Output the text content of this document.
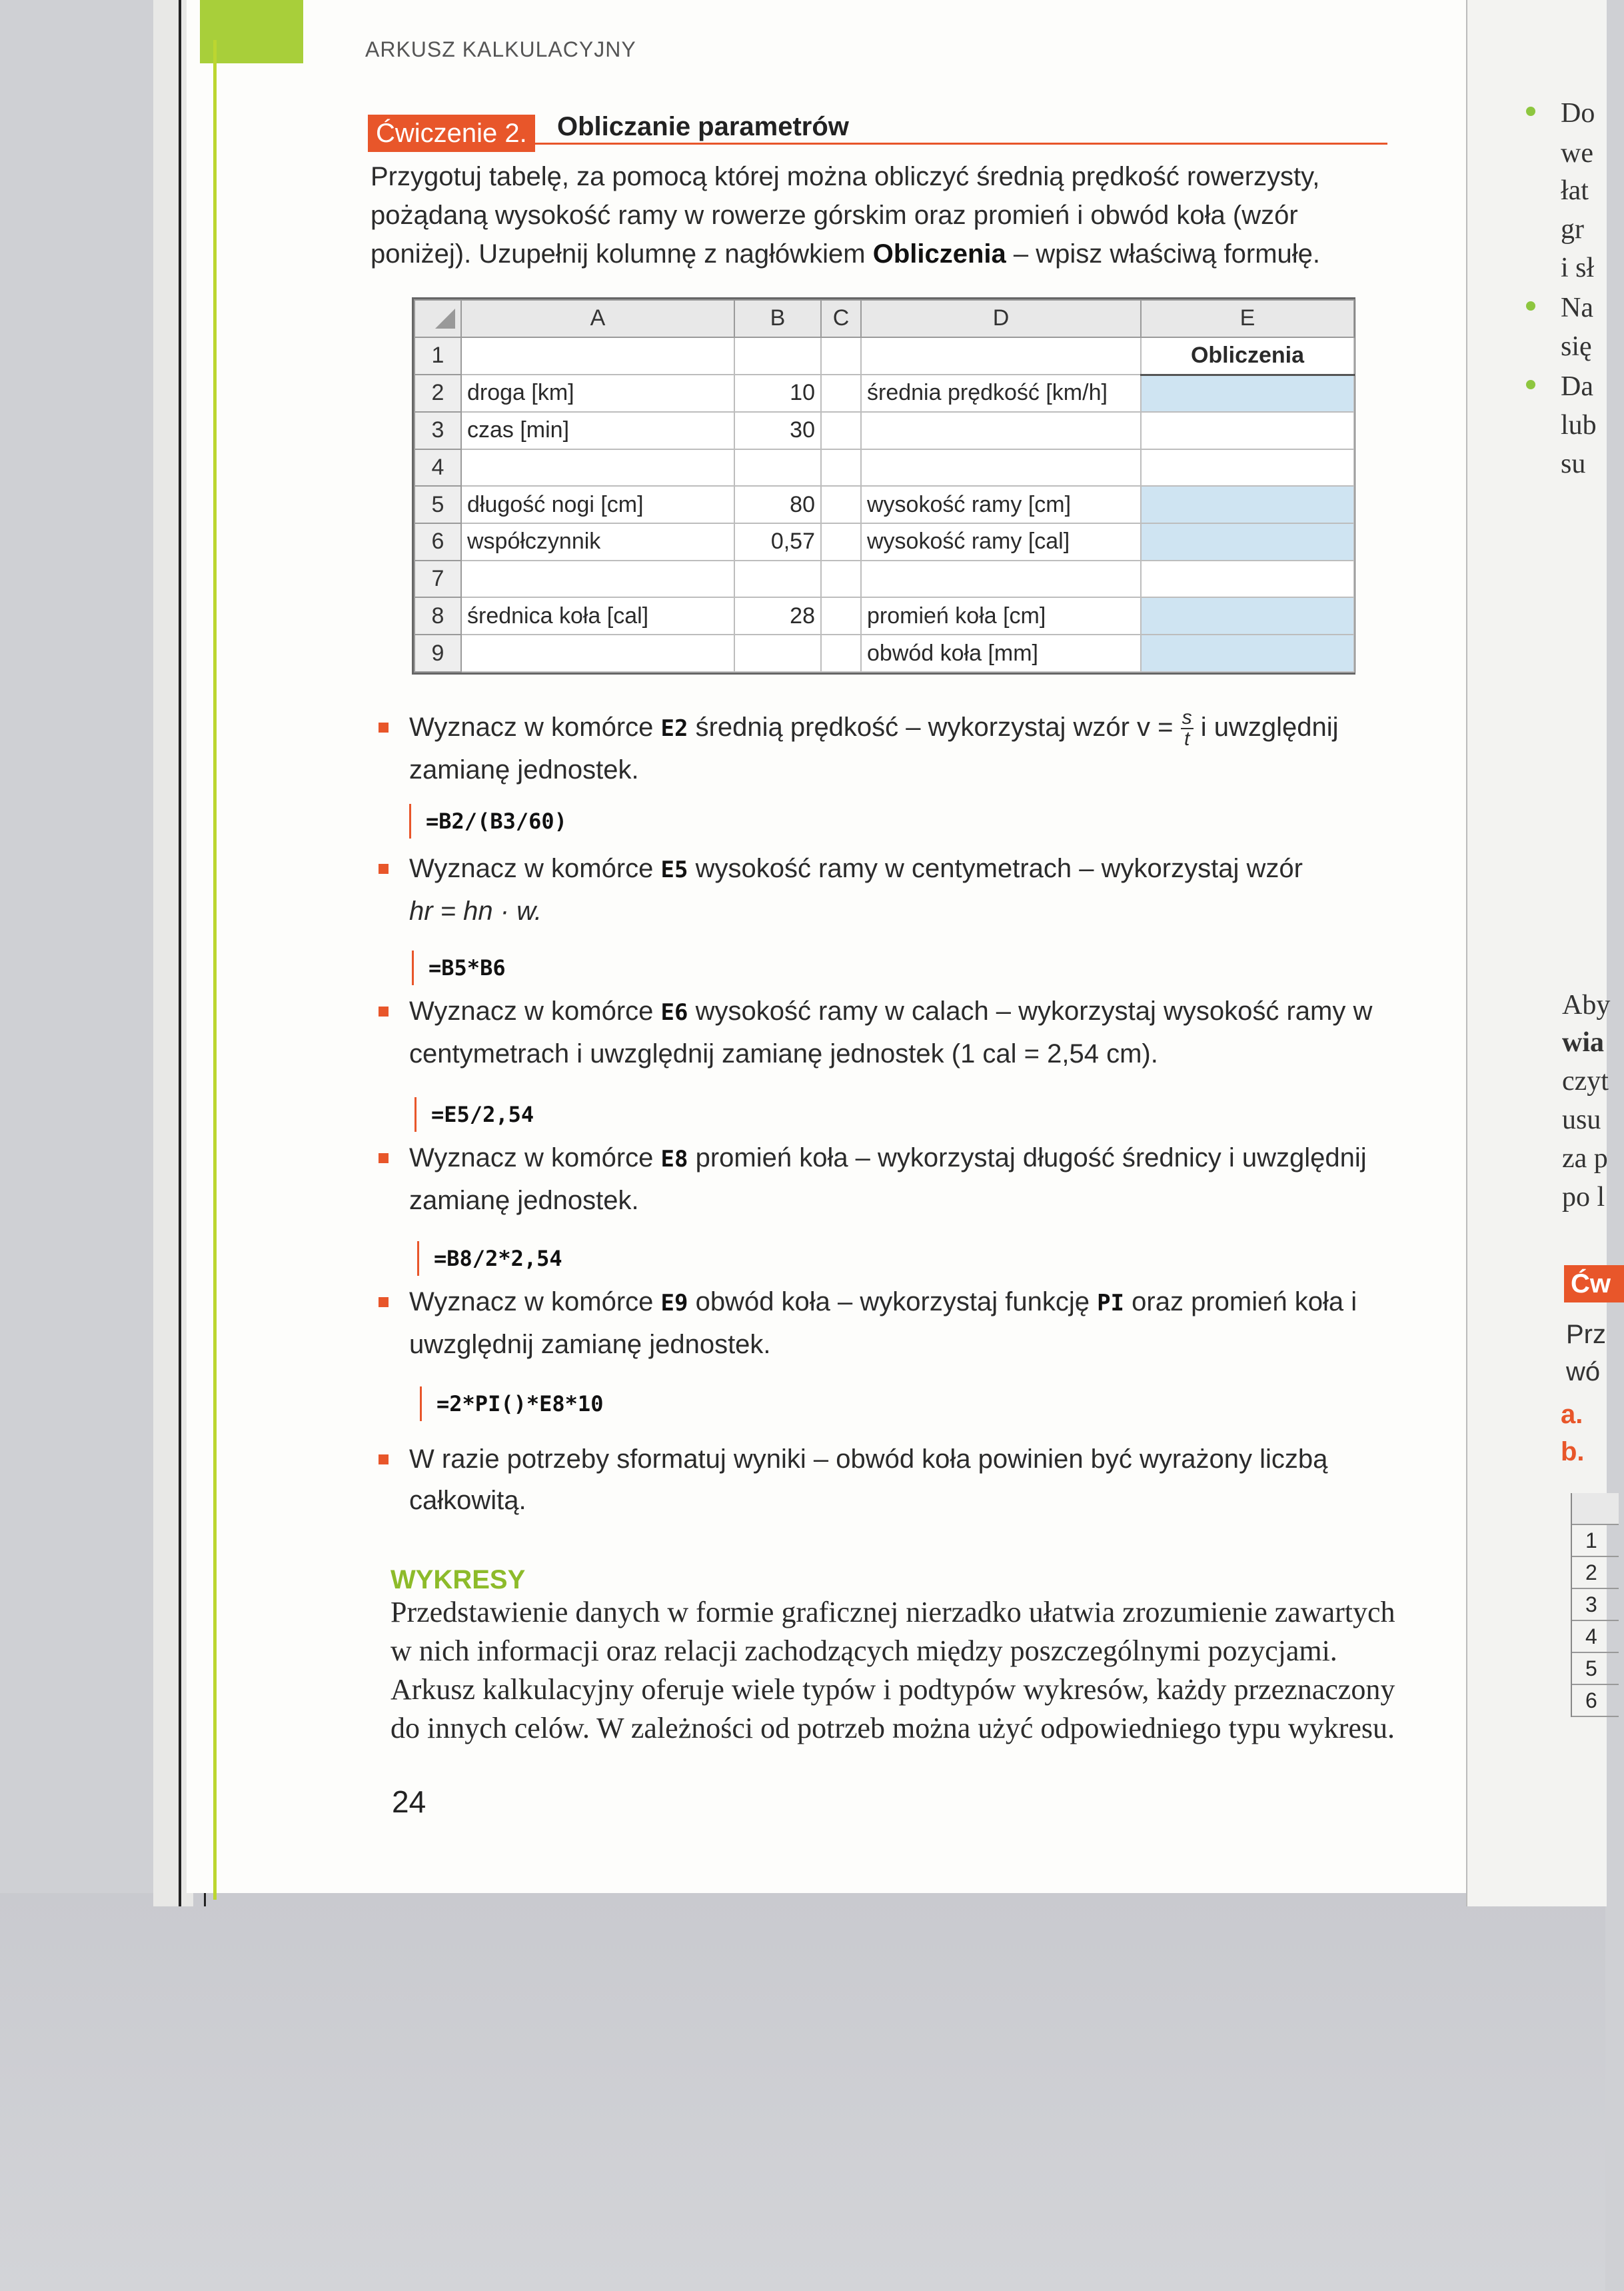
ARKUSZ KALKULACYJNY
Ćwiczenie 2.	Obliczanie parametrów
Przygotuj tabelę, za pomocą której można obliczyć średnią prędkość rowerzysty, pożądaną wysokość ramy w rowerze górskim oraz promień i obwód koła (wzór poniżej). Uzupełnij kolumnę z nagłówkiem Obliczenia – wpisz właściwą formułę.
	A	B	C	D	E
1					Obliczenia
2	droga [km]	10		średnia prędkość [km/h]	
3	czas [min]	30			
4					
5	długość nogi [cm]	80		wysokość ramy [cm]	
6	współczynnik	0,57		wysokość ramy [cal]	
7					
8	średnica koła [cal]	28		promień koła [cm]	
9				obwód koła [mm]	
Wyznacz w komórce E2 średnią prędkość – wykorzystaj wzór $v = \frac{s}{t}$ i uwzględnij zamianę jednostek.
=B2/(B3/60)
Wyznacz w komórce E5 wysokość ramy w centymetrach – wykorzystaj wzór
hr = hn · w.
=B5*B6
Wyznacz w komórce E6 wysokość ramy w calach – wykorzystaj wysokość ramy w centymetrach i uwzględnij zamianę jednostek (1 cal = 2,54 cm).
=E5/2,54
Wyznacz w komórce E8 promień koła – wykorzystaj długość średnicy i uwzględnij zamianę jednostek.
=B8/2*2,54
Wyznacz w komórce E9 obwód koła – wykorzystaj funkcję PI oraz promień koła i uwzględnij zamianę jednostek.
=2*PI()*E8*10
W razie potrzeby sformatuj wyniki – obwód koła powinien być wyrażony liczbą całkowitą.
WYKRESY
Przedstawienie danych w formie graficznej nierzadko ułatwia zrozumienie zawartych w nich informacji oraz relacji zachodzących między poszczególnymi pozycjami. Arkusz kalkulacyjny oferuje wiele typów i podtypów wykresów, każdy przeznaczony do innych celów. W zależności od potrzeb można użyć odpowiedniego typu wykresu.
24
Do
we
łat
gr
i sł
Na
się
Da
lub
su
Aby
wia
czyt
usu
za p
po l
Ćw
Prz
wó
a.
b.
1
2
3
4
5
6
